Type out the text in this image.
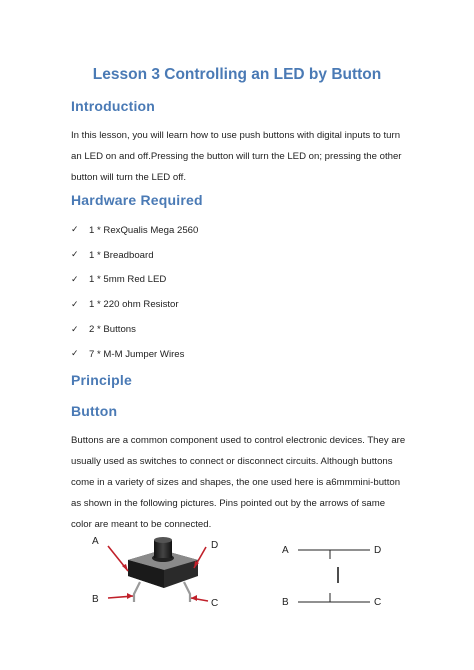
Lesson 3 Controlling an LED by Button
Introduction
In this lesson, you will learn how to use push buttons with digital inputs to turn
an LED on and off.Pressing the button will turn the LED on; pressing the other
button will turn the LED off.
Hardware Required
✓	1 * RexQualis Mega 2560
✓	1 * Breadboard
✓	1 * 5mm Red LED
✓	1 * 220 ohm Resistor
✓	2 * Buttons
✓	7 * M-M Jumper Wires
Principle
Button
Buttons are a common component used to control electronic devices. They are
usually used as switches to connect or disconnect circuits. Although buttons
come in a variety of sizes and shapes, the one used here is a6mmmini-button
as shown in the following pictures. Pins pointed out by the arrows of same
color are meant to be connected.
A
B
D
C
A
B
D
C
